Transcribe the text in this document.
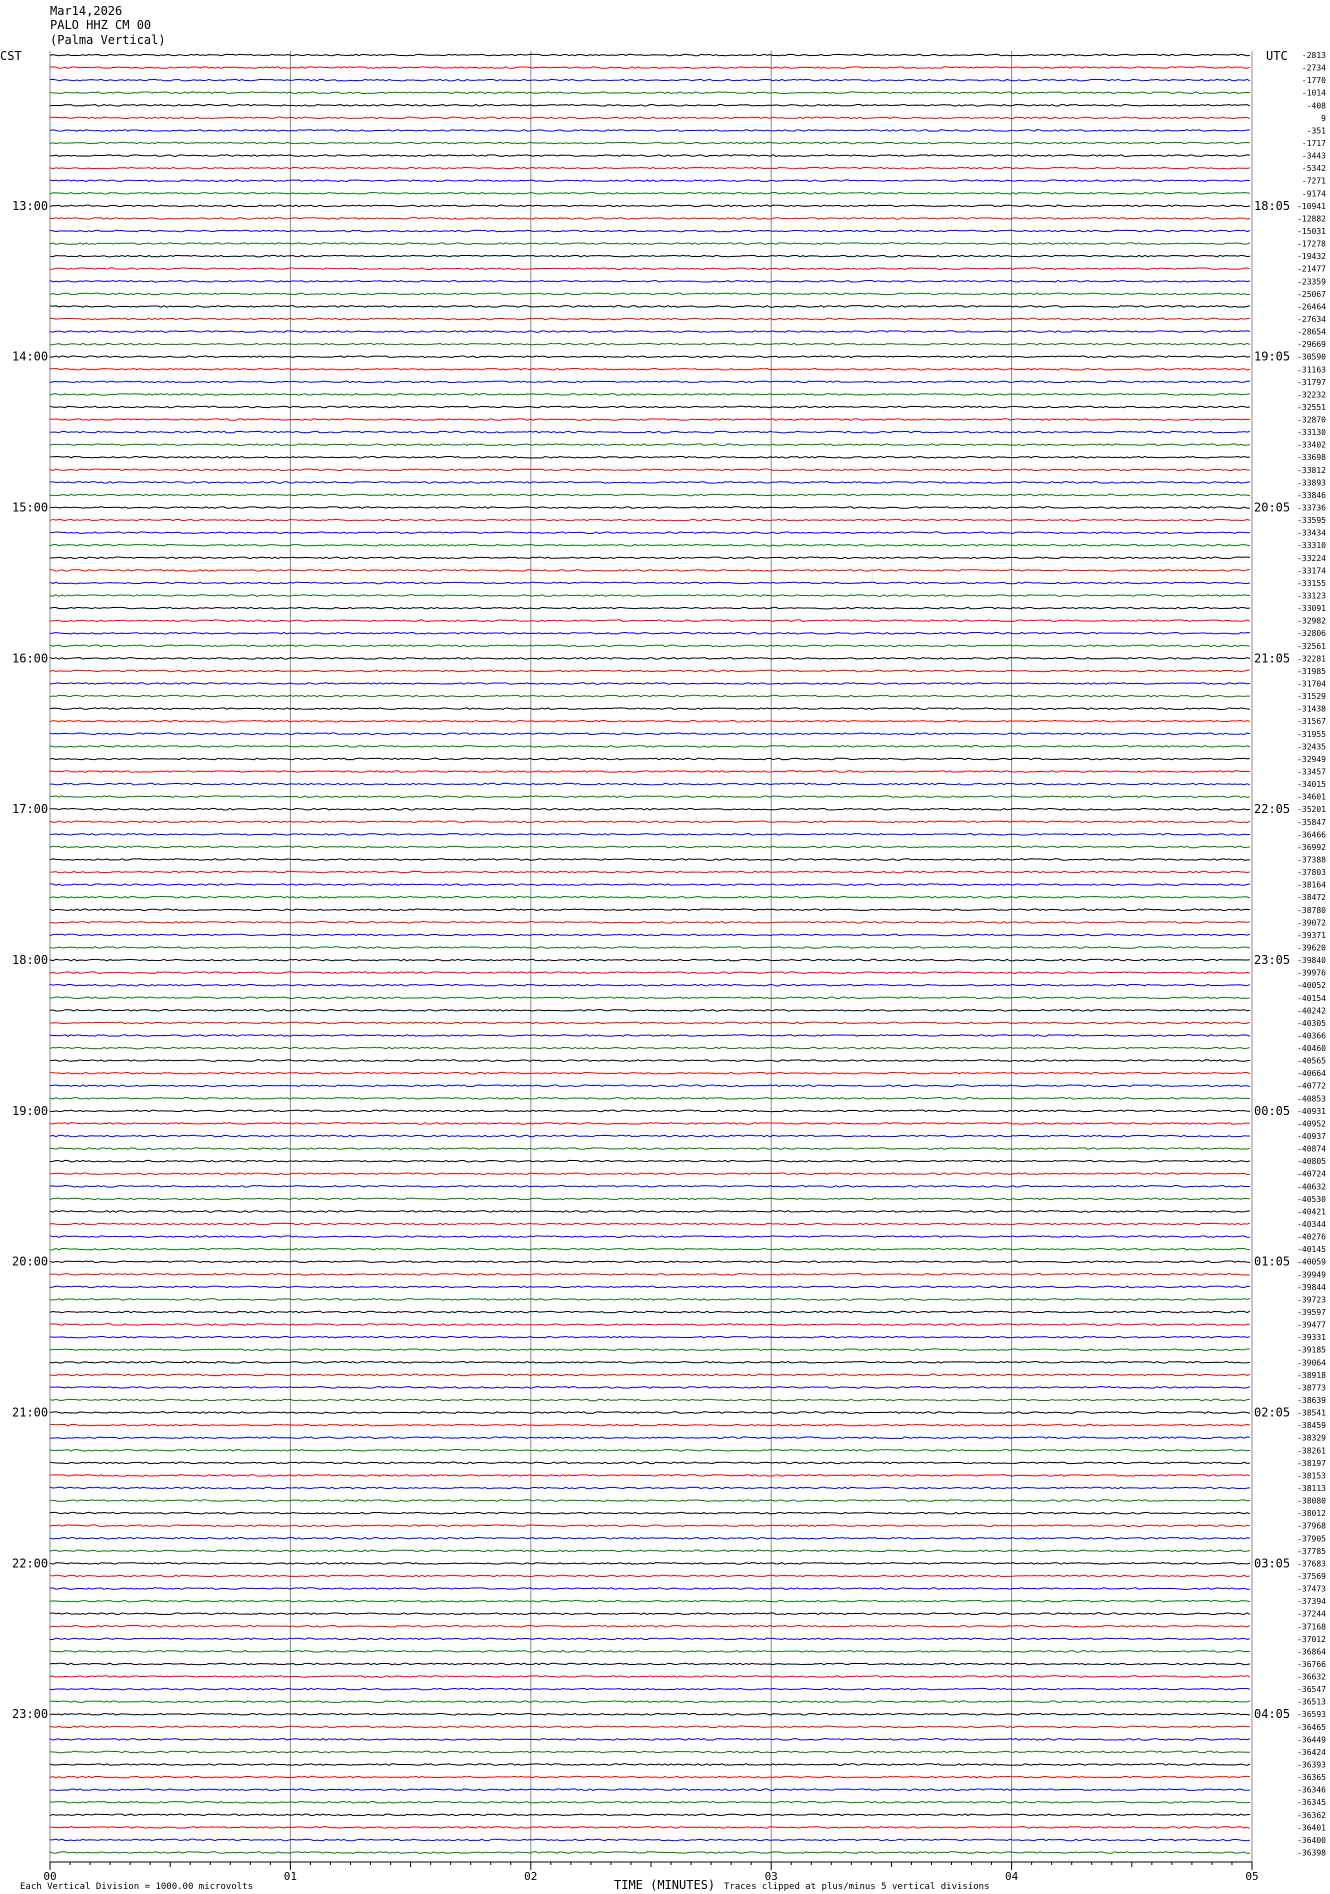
Mar14,2026
PALO HHZ CM 00
(Palma Vertical)
CST	UTC -2813
-2734
-1770
-1014
-408
9
-351
-1717
-3443
-5342
-7271
-9174
-10941
-12882
-15031
-17278
-19432
-21477
-23359
-25067
-26464
-27634
-28654
-29669
-30590
-31163
-31797
-32232
-32551
-32870
-33130
-33402
-33698
-33812
-33893
-33846
-33736
-33595
-33434
-33310
-33224
-33174
-33155
-33123
-33091
-32982
-32806
-32561
-32281
-31985
-31704
-31529
-31438
-31567
-31955
-32435
-32949
-33457
-34015
-34601
-35201
-35847
-36466
-36992
-37388
-37803
-38164
-38472
-38780
-39072
-39371
-39620
-39840
-39976
-40052
-40154
-40242
-40305
-40366
-40460
-40565
-40664
-40772
-40853
-40931
-40952
-40937
-40874
-40805
-40724
-40632
-40530
-40421
-40344
-40276
-40145
-40059
-39949
-39844
-39723
-39597
-39477
-39331
-39185
-39064
-38918
-38773
-38639
-38541
-38459
-38329
-38261
-38197
-38153
-38113
-38080
-38012
-37968
-37905
-37785
-37683
-37569
-37473
-37394
-37244
-37168
-37012
-36864
-36766
-36632
-36547
-36513
-36593
-36465
-36449
-36424
-36393
-36365
-36346
-36345
-36362
-36401
-36400
-36398
13:00	18:05
14:00	19:05
15:00	20:05
16:00	21:05
17:00	22:05
18:00	23:05
19:00	00:05
20:00	01:05
21:00	02:05
22:00	03:05
23:00	04:05
00	01	02	03	04	05
Each Vertical Division = 1000.00 microvolts	TIME (MINUTES) Traces clipped at plus/minus 5 vertical divisions
